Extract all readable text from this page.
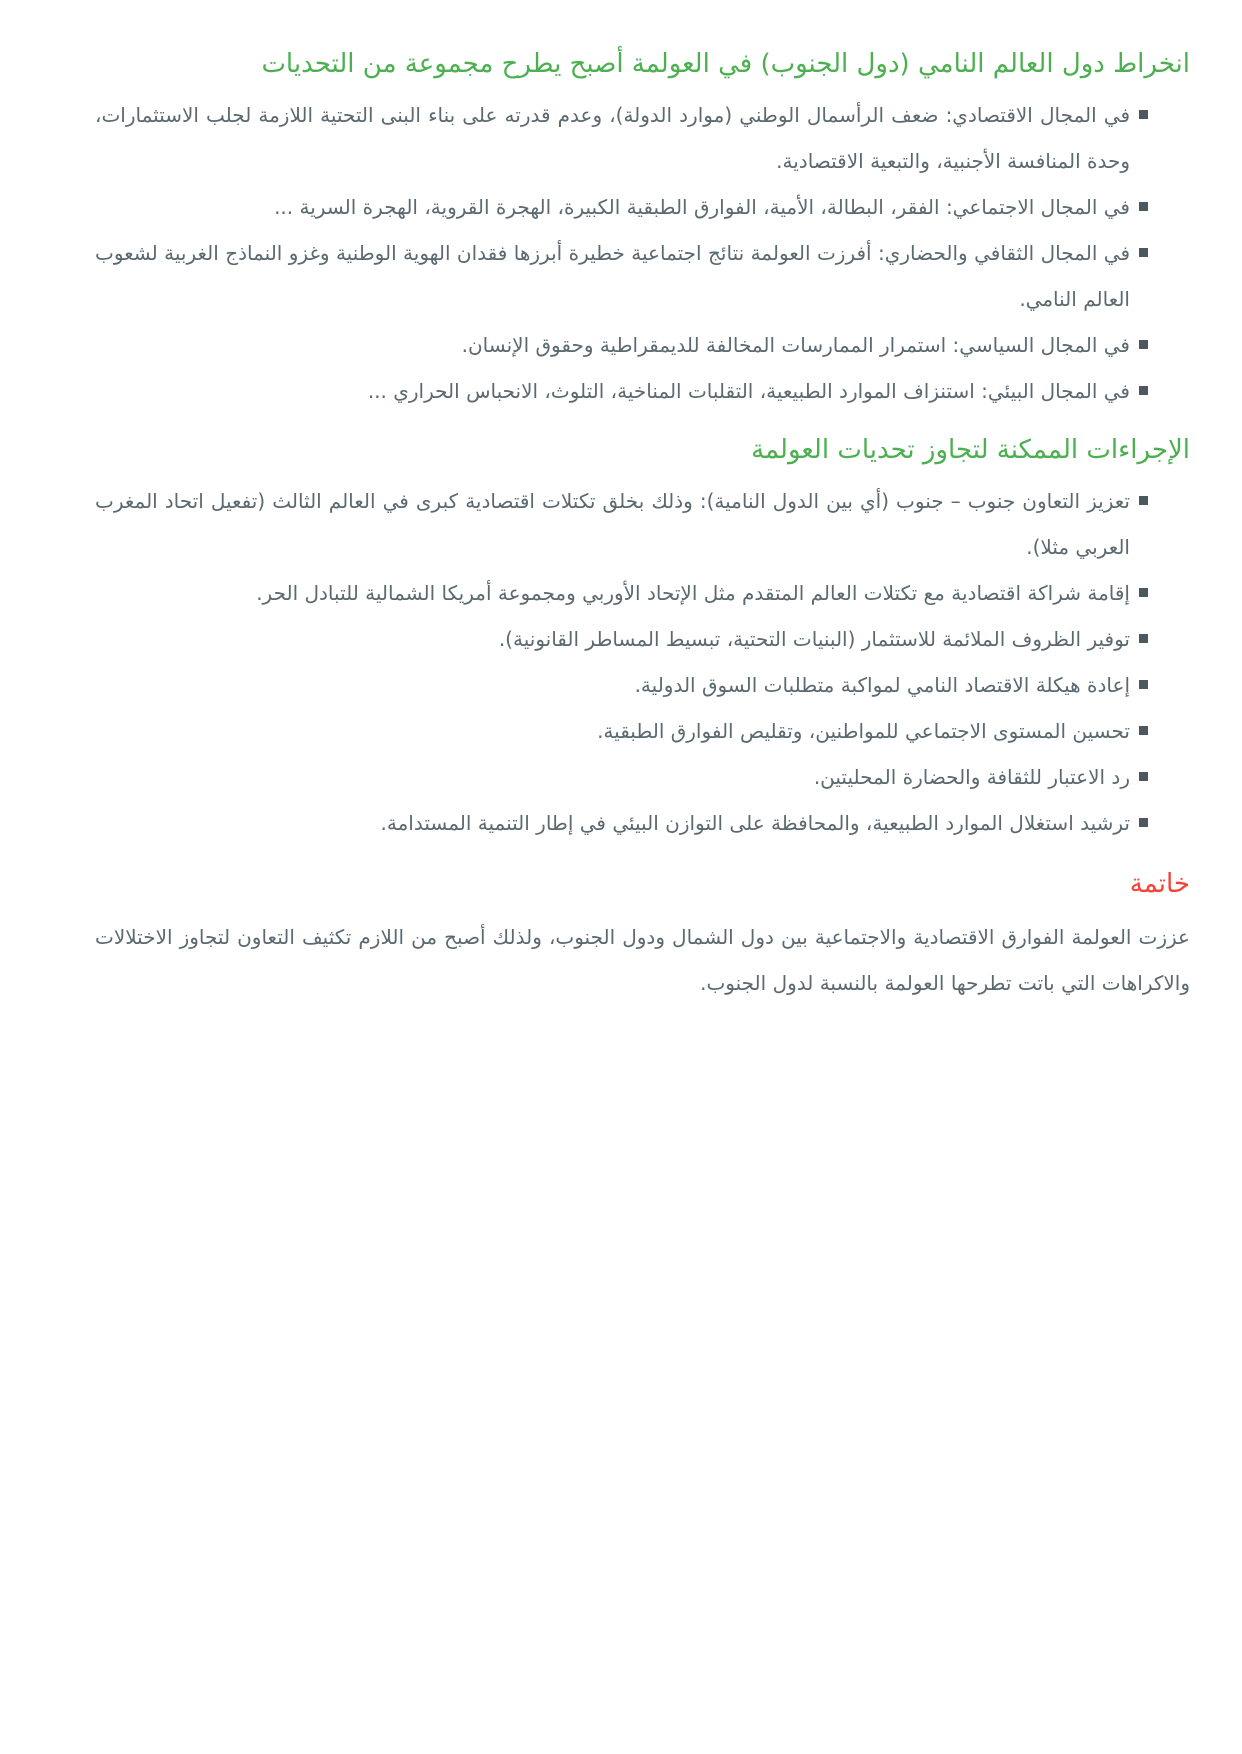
انخراط دول العالم النامي (دول الجنوب) في العولمة أصبح يطرح مجموعة من التحديات
في المجال الاقتصادي: ضعف الرأسمال الوطني (موارد الدولة)، وعدم قدرته على بناء البنى التحتية اللازمة لجلب الاستثمارات، وحدة المنافسة الأجنبية، والتبعية الاقتصادية.
في المجال الاجتماعي: الفقر، البطالة، الأمية، الفوارق الطبقية الكبيرة، الهجرة القروية، الهجرة السرية ...
في المجال الثقافي والحضاري: أفرزت العولمة نتائج اجتماعية خطيرة أبرزها فقدان الهوية الوطنية وغزو النماذج الغربية لشعوب العالم النامي.
في المجال السياسي: استمرار الممارسات المخالفة للديمقراطية وحقوق الإنسان.
في المجال البيئي: استنزاف الموارد الطبيعية، التقلبات المناخية، التلوث، الانحباس الحراري ...
الإجراءات الممكنة لتجاوز تحديات العولمة
تعزيز التعاون جنوب – جنوب (أي بين الدول النامية): وذلك بخلق تكتلات اقتصادية كبرى في العالم الثالث (تفعيل اتحاد المغرب العربي مثلا).
إقامة شراكة اقتصادية مع تكتلات العالم المتقدم مثل الإتحاد الأوربي ومجموعة أمريكا الشمالية للتبادل الحر.
توفير الظروف الملائمة للاستثمار (البنيات التحتية، تبسيط المساطر القانونية).
إعادة هيكلة الاقتصاد النامي لمواكبة متطلبات السوق الدولية.
تحسين المستوى الاجتماعي للمواطنين، وتقليص الفوارق الطبقية.
رد الاعتبار للثقافة والحضارة المحليتين.
ترشيد استغلال الموارد الطبيعية، والمحافظة على التوازن البيئي في إطار التنمية المستدامة.
خاتمة

عززت العولمة الفوارق الاقتصادية والاجتماعية بين دول الشمال ودول الجنوب، ولذلك أصبح من اللازم تكثيف التعاون لتجاوز الاختلالات والاكراهات التي باتت تطرحها العولمة بالنسبة لدول الجنوب.
